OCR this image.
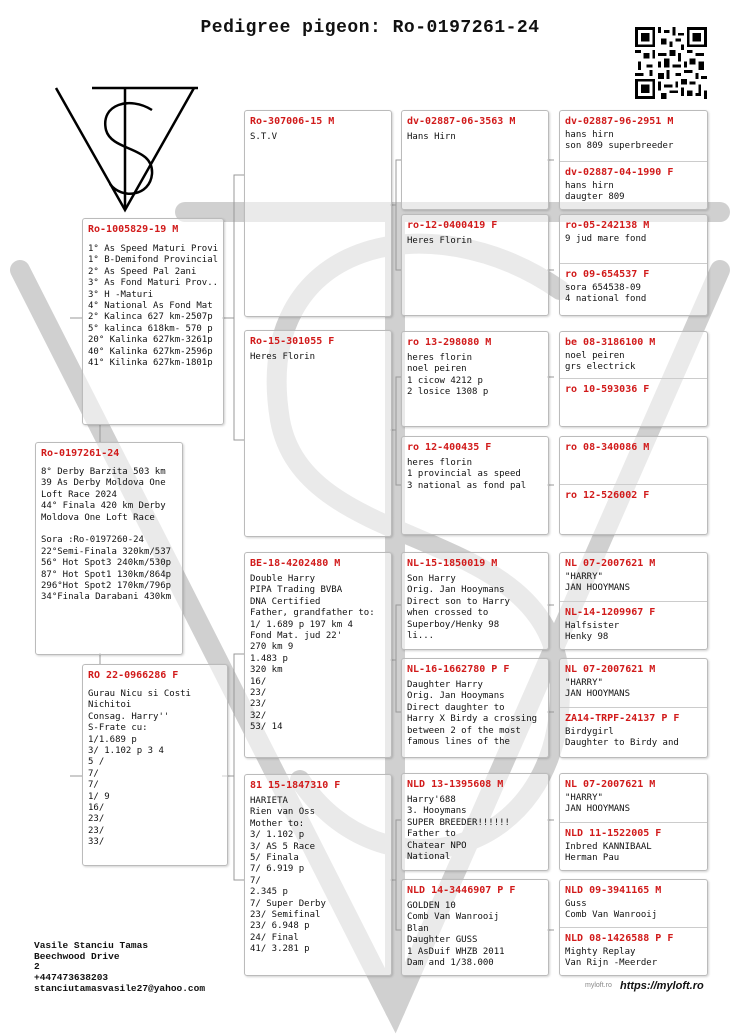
Pedigree pigeon: Ro-0197261-24
Ro-1005829-19 M
1° As Speed Maturi Provi
1° B-Demifond Provincial
2° As Speed Pal 2ani
3° As Fond Maturi Prov..
3° H -Maturi
4° National As Fond Mat
2° Kalinca 627 km-2507p
5° kalinca 618km- 570 p
20° Kalinka 627km-3261p
40° Kalinka 627km-2596p
41° Kilinka 627km-1801p
Ro-0197261-24
8° Derby Barzita 503 km
39 As Derby Moldova One
Loft Race 2024
44° Finala 420 km Derby
Moldova One Loft Race

Sora :Ro-0197260-24
22°Semi-Finala 320km/537
56° Hot Spot3 240km/530p
87° Hot Spot1 130km/864p
296°Hot Spot2 170km/796p
34°Finala Darabani 430km
RO 22-0966286 F
Gurau Nicu si Costi
Nichitoi
Consag. Harry''
S-Frate cu:
1/1.689 p
3/ 1.102 p 3 4
5 /
7/
7/
1/ 9
16/
23/
23/
33/
Ro-307006-15 M
S.T.V
Ro-15-301055 F
Heres Florin
BE-18-4202480 M
Double Harry
PIPA Trading BVBA
DNA Certified
Father, grandfather to:
1/ 1.689 p 197 km 4
Fond Mat. jud 22'
270 km 9
1.483 p
320 km
16/
23/
23/
32/
53/ 14
81 15-1847310 F
HARIETA
Rien van Oss
Mother to:
3/ 1.102 p
3/ AS 5 Race
5/ Finala
7/ 6.919 p
7/
2.345 p
7/ Super Derby
23/ Semifinal
23/ 6.948 p
24/ Final
41/ 3.281 p
dv-02887-06-3563 M
Hans Hirn
ro-12-0400419 F
Heres Florin
ro 13-298080 M
heres florin
noel peiren
1 cicow 4212 p
2 losice 1308 p
ro 12-400435 F
heres florin
1 provincial as speed
3 national as fond pal
NL-15-1850019 M
Son Harry
Orig. Jan Hooymans
Direct son to Harry
when crossed to
Superboy/Henky 98
li...
NL-16-1662780 P F
Daughter Harry
Orig. Jan Hooymans
Direct daughter to
Harry X Birdy a crossing
between 2 of the most
famous lines of the
NLD 13-1395608 M
Harry'688
3. Hooymans
SUPER BREEDER!!!!!!
Father to
Chatear NPO
National
NLD 14-3446907 P F
GOLDEN 10
Comb Van Wanrooij
Blan
Daughter GUSS
1 AsDuif WHZB 2011
Dam and 1/38.000
dv-02887-96-2951 M
hans hirn
son 809 superbreeder
dv-02887-04-1990 F
hans hirn
daugter 809
ro-05-242138 M
9 jud mare fond
ro 09-654537 F
sora 654538-09
4 national fond
be 08-3186100 M
noel peiren
grs electrick
ro 10-593036 F
ro 08-340086 M
ro 12-526002 F
NL 07-2007621 M
"HARRY"
JAN HOOYMANS
NL-14-1209967 F
Halfsister
Henky 98
NL 07-2007621 M
"HARRY"
JAN HOOYMANS
ZA14-TRPF-24137 P F
Birdygirl
Daughter to Birdy and
NL 07-2007621 M
"HARRY"
JAN HOOYMANS
NLD 11-1522005 F
Inbred KANNIBAAL
Herman Pau
NLD 09-3941165 M
Guss
Comb Van Wanrooij
NLD 08-1426588 P F
Mighty Replay
Van Rijn -Meerder
Vasile Stanciu Tamas
Beechwood Drive
2
+447473638203
stanciutamasvasile27@yahoo.com	myloft.ro https://myloft.ro
